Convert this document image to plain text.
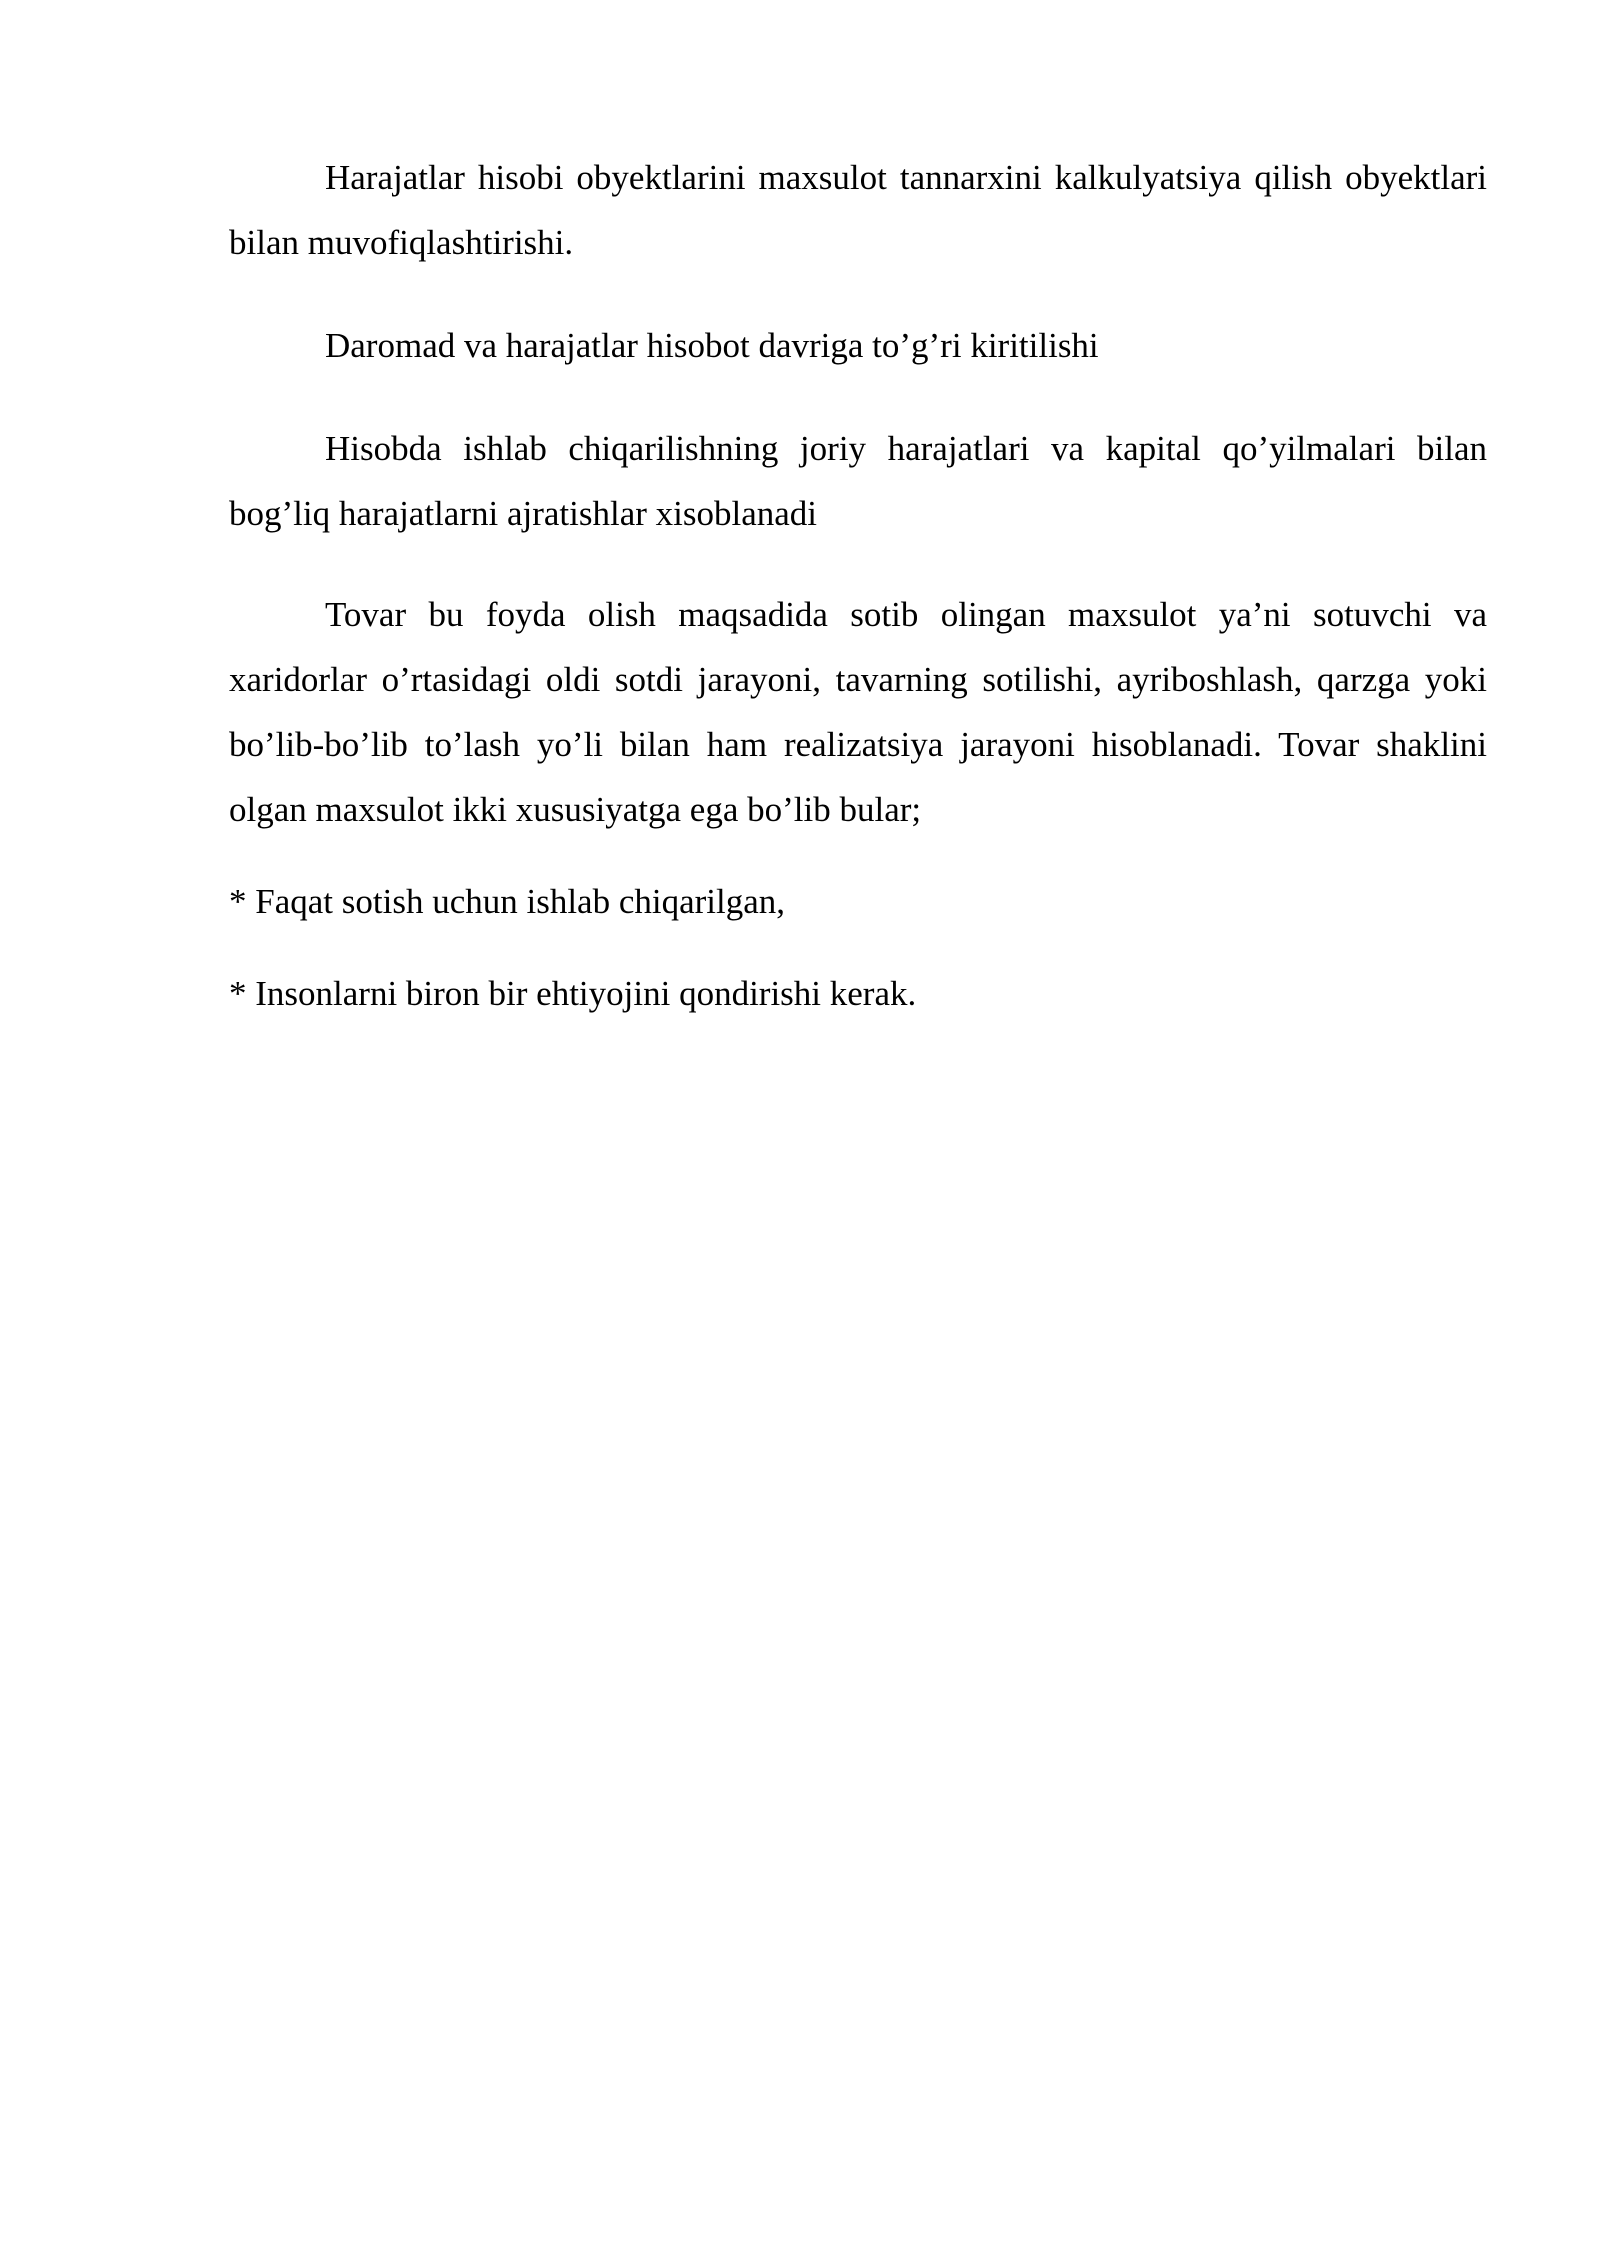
Harajatlar hisobi obyektlarini maxsulot tannarxini kalkulyatsiya qilish obyektlari bilan muvofiqlashtirishi.

Daromad va harajatlar hisobot davriga to’g’ri kiritilishi

Hisobda ishlab chiqarilishning joriy harajatlari va kapital qo’yilmalari bilan bog’liq harajatlarni ajratishlar xisoblanadi

Tovar bu foyda olish maqsadida sotib olingan maxsulot ya’ni sotuvchi va xaridorlar o’rtasidagi oldi sotdi jarayoni, tavarning sotilishi, ayriboshlash, qarzga yoki bo’lib-bo’lib to’lash yo’li bilan ham realizatsiya jarayoni hisoblanadi. Tovar shaklini olgan maxsulot ikki xususiyatga ega bo’lib bular;

* Faqat sotish uchun ishlab chiqarilgan,

* Insonlarni biron bir ehtiyojini qondirishi kerak.
